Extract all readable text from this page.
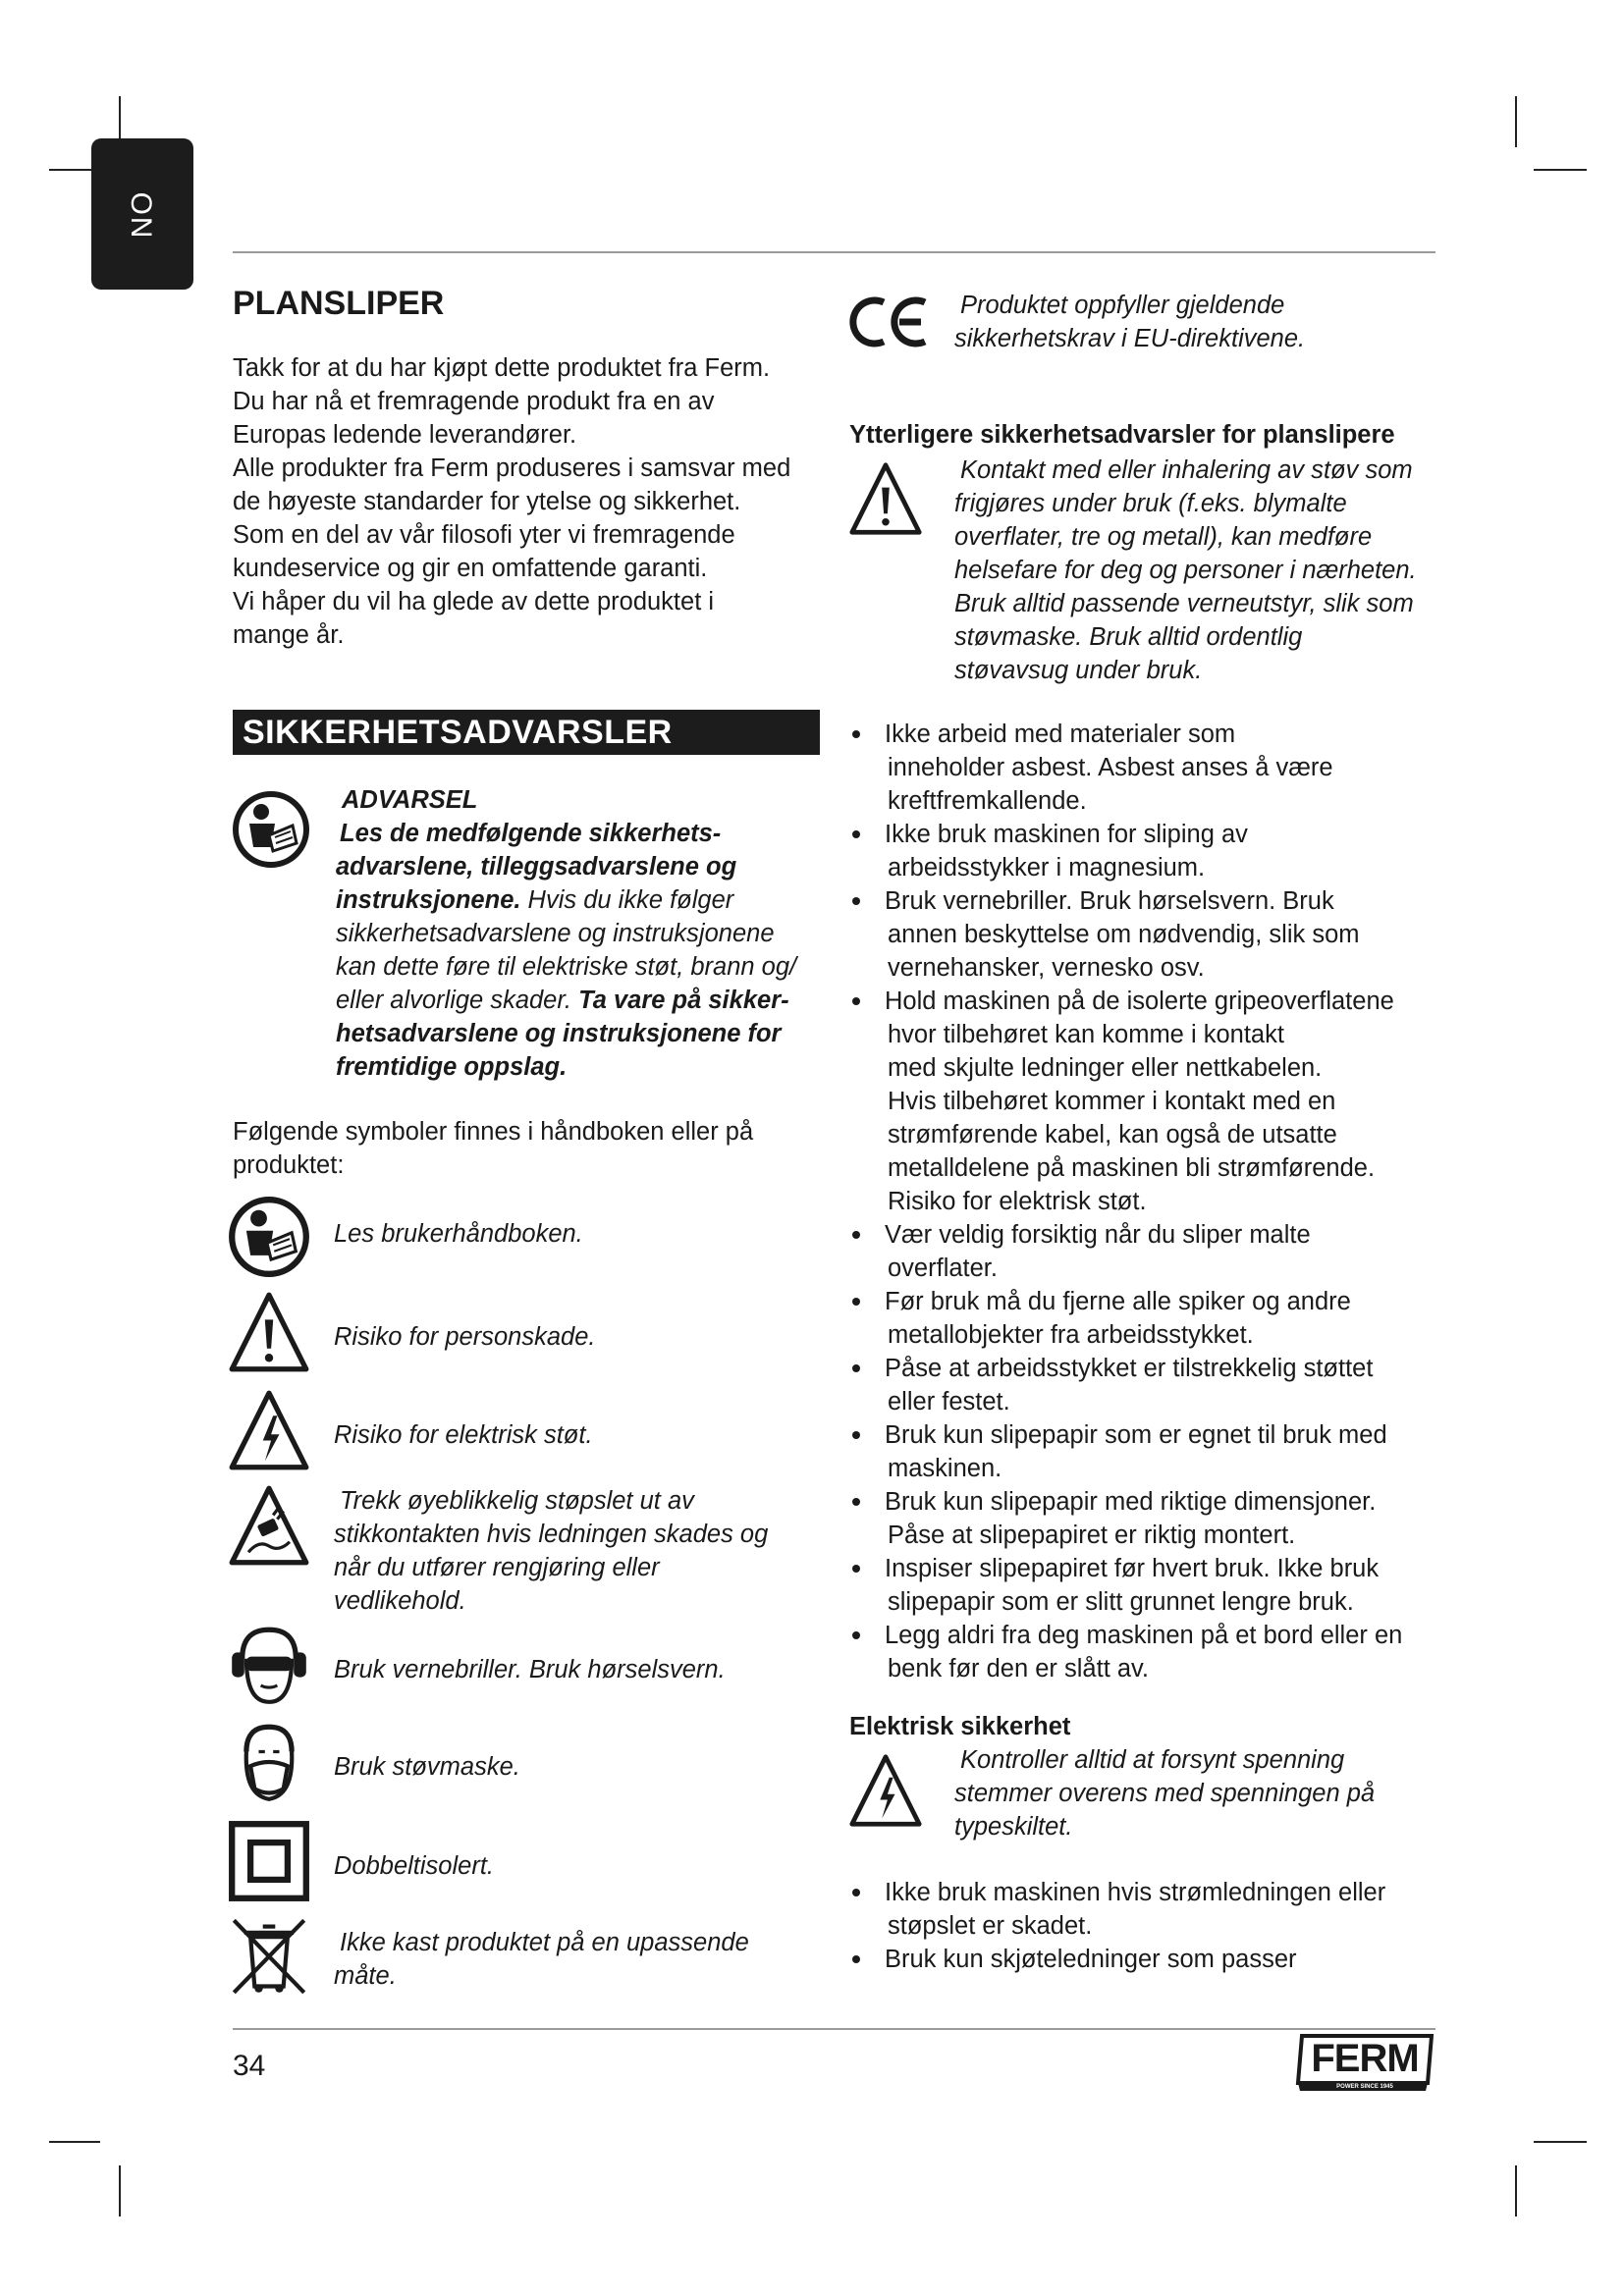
NO
PLANSLIPER

Takk for at du har kjøpt dette produktet fra Ferm.

Du har nå et fremragende produkt fra en av

Europas ledende leverandører.

Alle produkter fra Ferm produseres i samsvar med

de høyeste standarder for ytelse og sikkerhet.

Som en del av vår filosofi yter vi fremragende

kundeservice og gir en omfattende garanti.

Vi håper du vil ha glede av dette produktet i

mange år.

SIKKERHETSADVARSLER

ADVARSEL

Les de medfølgende sikkerhets-

advarslene, tilleggsadvarslene og

instruksjonene. Hvis du ikke følger

sikkerhetsadvarslene og instruksjonene

kan dette føre til elektriske støt, brann og/

eller alvorlige skader. Ta vare på sikker-

hetsadvarslene og instruksjonene for

fremtidige oppslag.

Følgende symboler finnes i håndboken eller på

produktet:

Les brukerhåndboken.
Risiko for personskade.
Risiko for elektrisk støt.

Trekk øyeblikkelig støpslet ut av

stikkontakten hvis ledningen skades og

når du utfører rengjøring eller

vedlikehold.

Bruk vernebriller. Bruk hørselsvern.
Bruk støvmaske.
Dobbeltisolert.

Ikke kast produktet på en upassende

måte.

Produktet oppfyller gjeldende

sikkerhetskrav i EU-direktivene.

Ytterligere sikkerhetsadvarsler for planslipere

Kontakt med eller inhalering av støv som

frigjøres under bruk (f.eks. blymalte

overflater, tre og metall), kan medføre

helsefare for deg og personer i nærheten.

Bruk alltid passende verneutstyr, slik som

støvmaske. Bruk alltid ordentlig

støvavsug under bruk.

Ikke arbeid med materialer som
inneholder asbest. Asbest anses å være
kreftfremkallende.
Ikke bruk maskinen for sliping av
arbeidsstykker i magnesium.
Bruk vernebriller. Bruk hørselsvern. Bruk
annen beskyttelse om nødvendig, slik som
vernehansker, vernesko osv.
Hold maskinen på de isolerte gripeoverflatene
hvor tilbehøret kan komme i kontakt
med skjulte ledninger eller nettkabelen.
Hvis tilbehøret kommer i kontakt med en
strømførende kabel, kan også de utsatte
metalldelene på maskinen bli strømførende.
Risiko for elektrisk støt.
Vær veldig forsiktig når du sliper malte
overflater.
Før bruk må du fjerne alle spiker og andre
metallobjekter fra arbeidsstykket.
Påse at arbeidsstykket er tilstrekkelig støttet
eller festet.
Bruk kun slipepapir som er egnet til bruk med
maskinen.
Bruk kun slipepapir med riktige dimensjoner.
Påse at slipepapiret er riktig montert.
Inspiser slipepapiret før hvert bruk. Ikke bruk
slipepapir som er slitt grunnet lengre bruk.
Legg aldri fra deg maskinen på et bord eller en
benk før den er slått av.
Elektrisk sikkerhet

Kontroller alltid at forsynt spenning

stemmer overens med spenningen på

typeskiltet.

Ikke bruk maskinen hvis strømledningen eller
støpslet er skadet.
Bruk kun skjøteledninger som passer
34	FERM
POWER SINCE 1945
